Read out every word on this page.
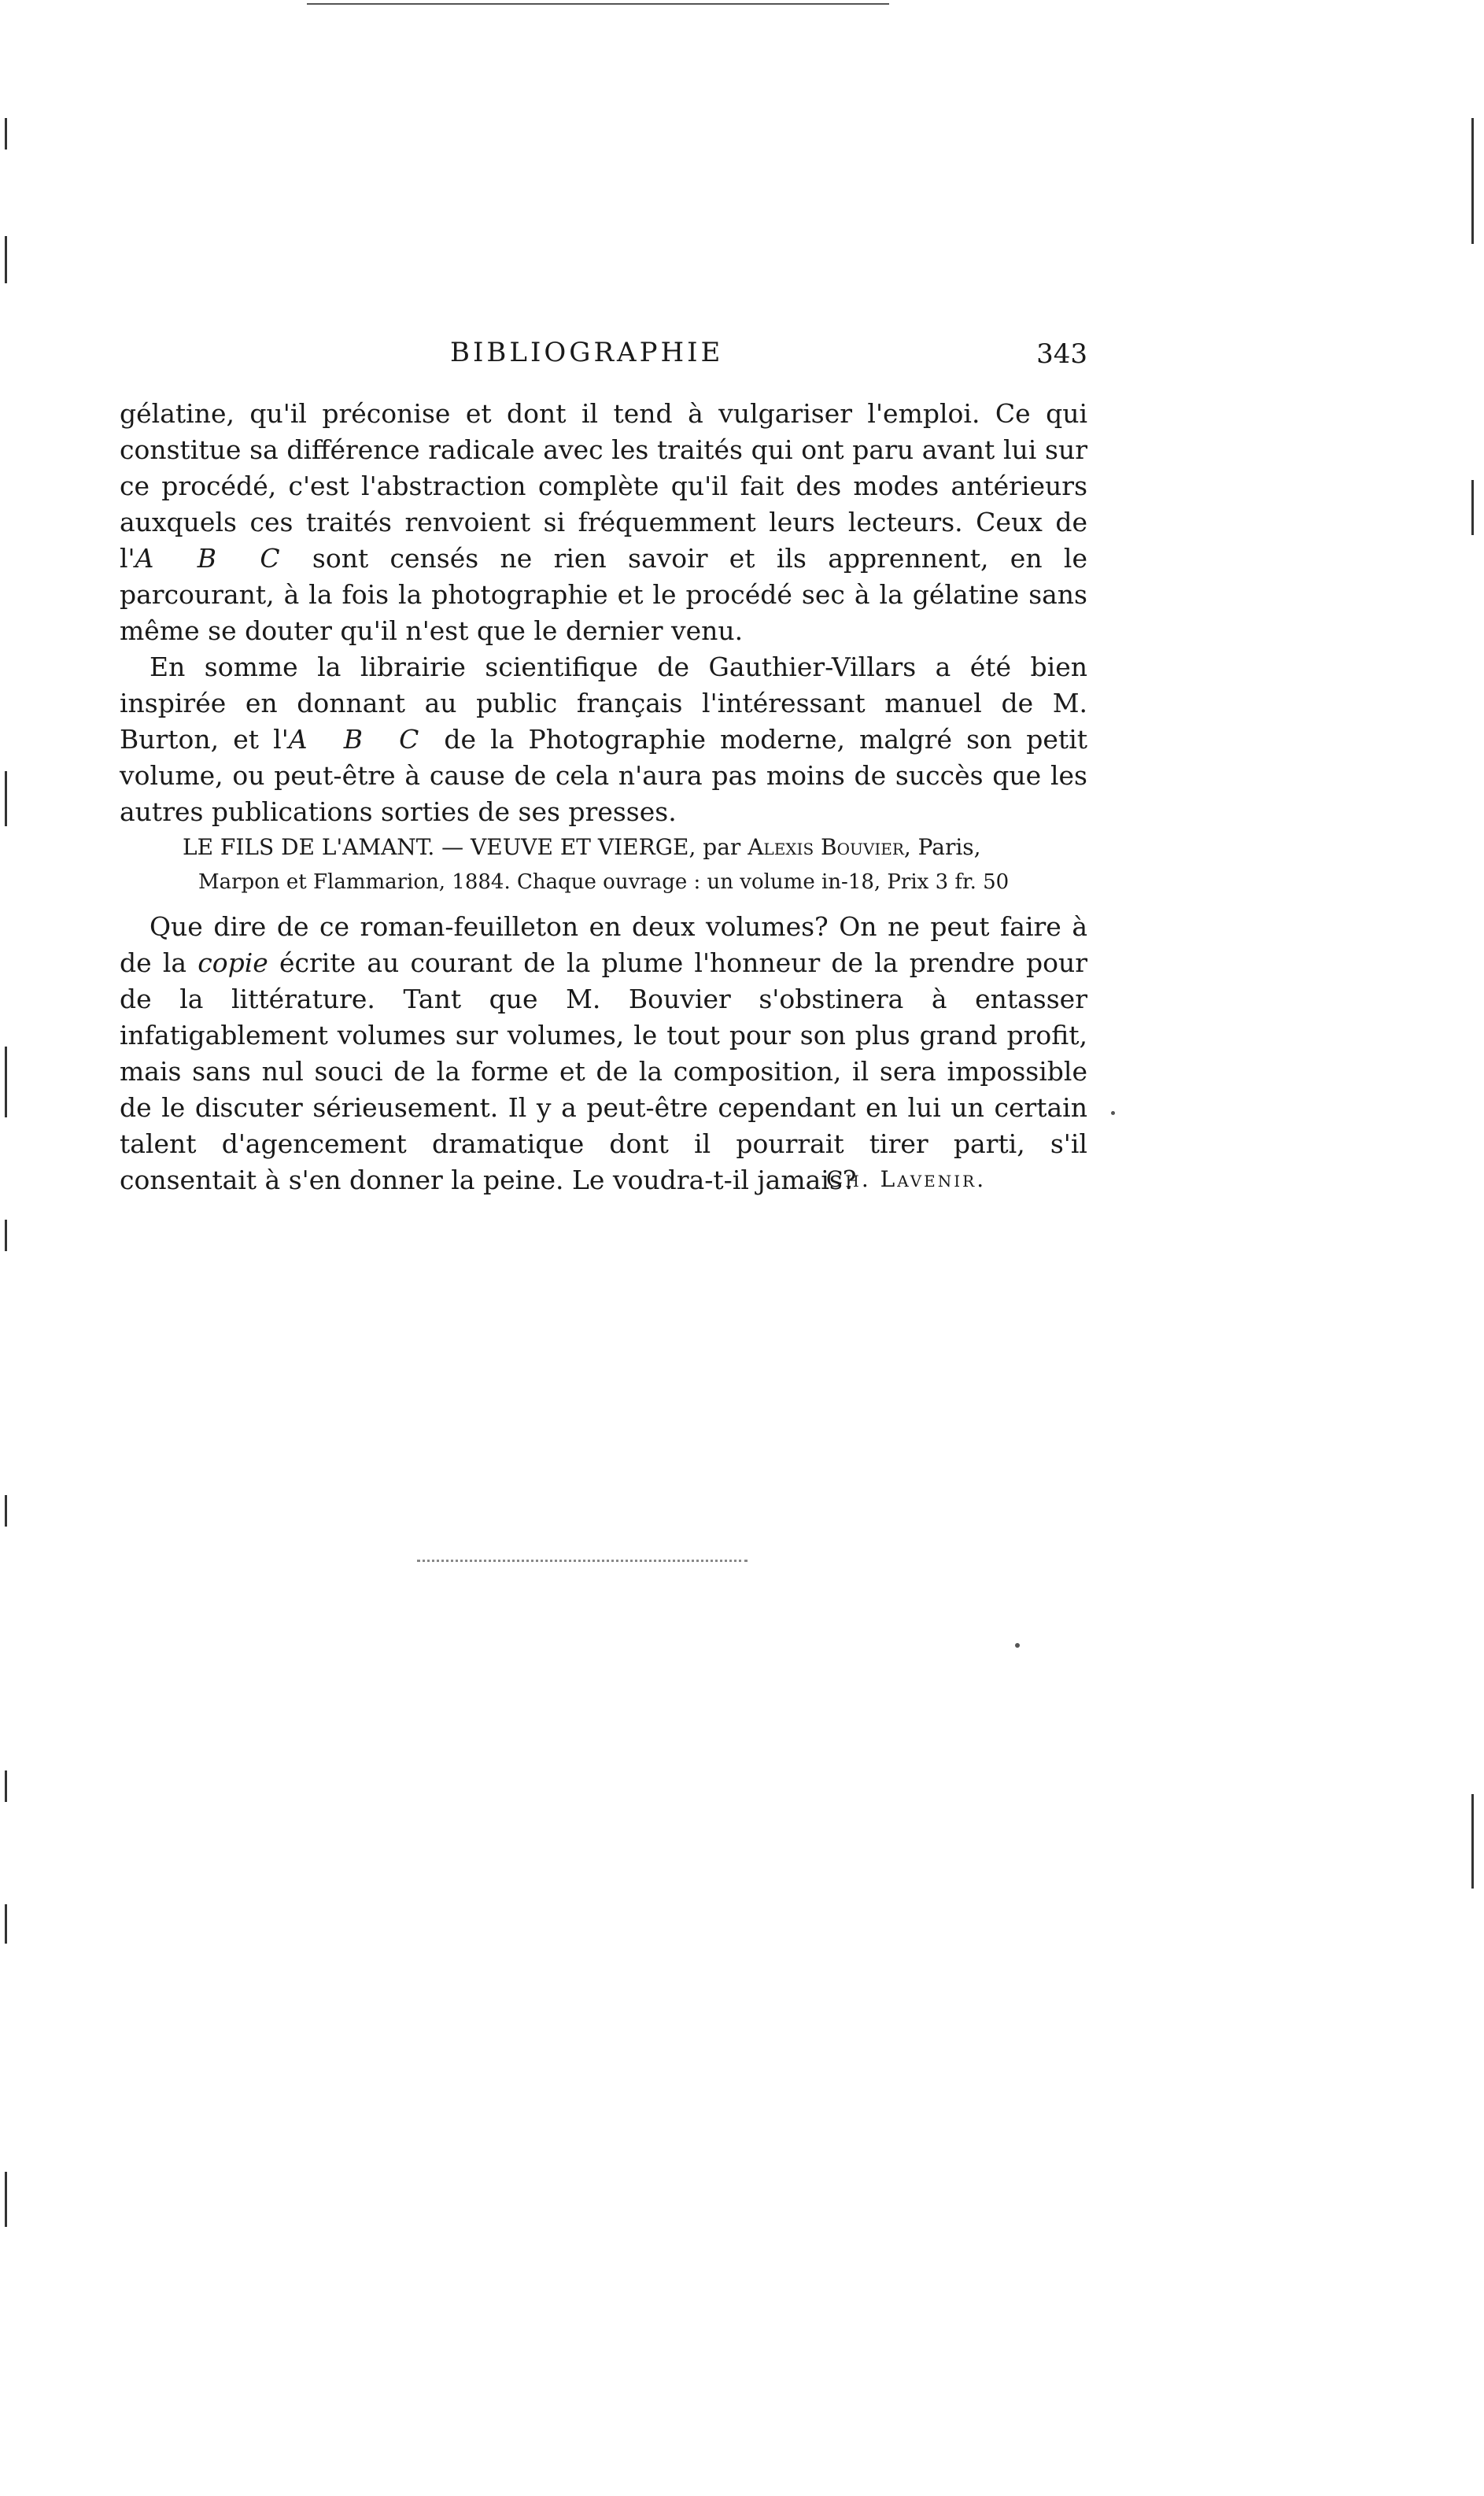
BIBLIOGRAPHIE	343

gélatine, qu'il préconise et dont il tend à vulgariser l'emploi. Ce qui constitue sa différence radicale avec les traités qui ont paru avant lui sur ce procédé, c'est l'abstraction complète qu'il fait des modes antérieurs auxquels ces traités renvoient si fréquemment leurs lecteurs. Ceux de l'A B C sont censés ne rien savoir et ils apprennent, en le parcourant, à la fois la photographie et le procédé sec à la gélatine sans même se douter qu'il n'est que le dernier venu.

En somme la librairie scientifique de Gauthier-Villars a été bien inspirée en donnant au public français l'intéressant manuel de M. Burton, et l'A B C de la Photographie moderne, malgré son petit volume, ou peut-être à cause de cela n'aura pas moins de succès que les autres publications sorties de ses presses.

LE FILS DE L'AMANT. — VEUVE ET VIERGE, par Alexis Bouvier, Paris,
Marpon et Flammarion, 1884. Chaque ouvrage : un volume in-18, Prix 3 fr. 50

Que dire de ce roman-feuilleton en deux volumes? On ne peut faire à de la copie écrite au courant de la plume l'honneur de la prendre pour de la littérature. Tant que M. Bouvier s'obstinera à entasser infatigablement volumes sur volumes, le tout pour son plus grand profit, mais sans nul souci de la forme et de la composition, il sera impossible de le discuter sérieusement. Il y a peut-être cependant en lui un certain talent d'agencement dramatique dont il pourrait tirer parti, s'il consentait à s'en donner la peine. Le voudra-t-il jamais?

Ch. Lavenir.
